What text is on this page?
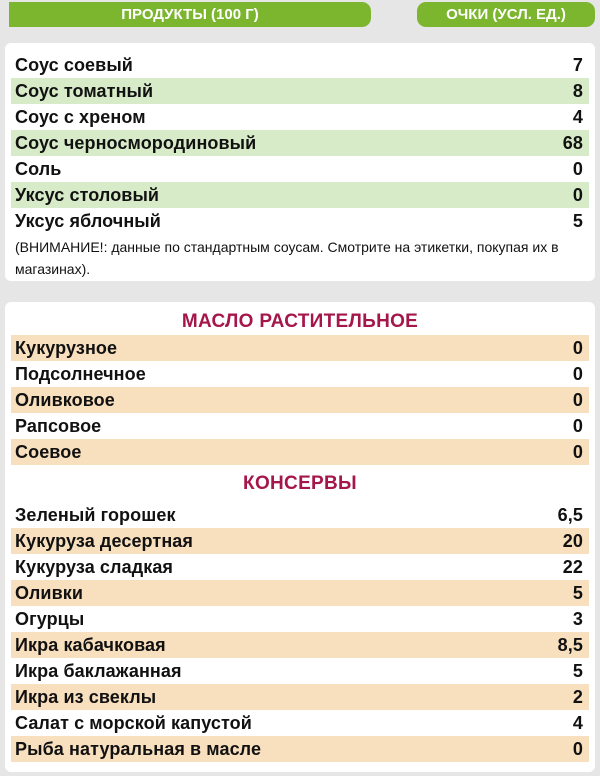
ПРОДУКТЫ (100 Г)	ОЧКИ (УСЛ. ЕД.)
Соус соевый	7
Соус томатный	8
Соус с хреном	4
Соус черносмородиновый	68
Соль	0
Уксус столовый	0
Уксус яблочный	5
(ВНИМАНИЕ!: данные по стандартным соусам. Смотрите на этикетки, покупая их в магазинах).
МАСЛО РАСТИТЕЛЬНОЕ
Кукурузное	0
Подсолнечное	0
Оливковое	0
Рапсовое	0
Соевое	0
КОНСЕРВЫ
Зеленый горошек	6,5
Кукуруза десертная	20
Кукуруза сладкая	22
Оливки	5
Огурцы	3
Икра кабачковая	8,5
Икра баклажанная	5
Икра из свеклы	2
Салат с морской капустой	4
Рыба натуральная в масле	0
